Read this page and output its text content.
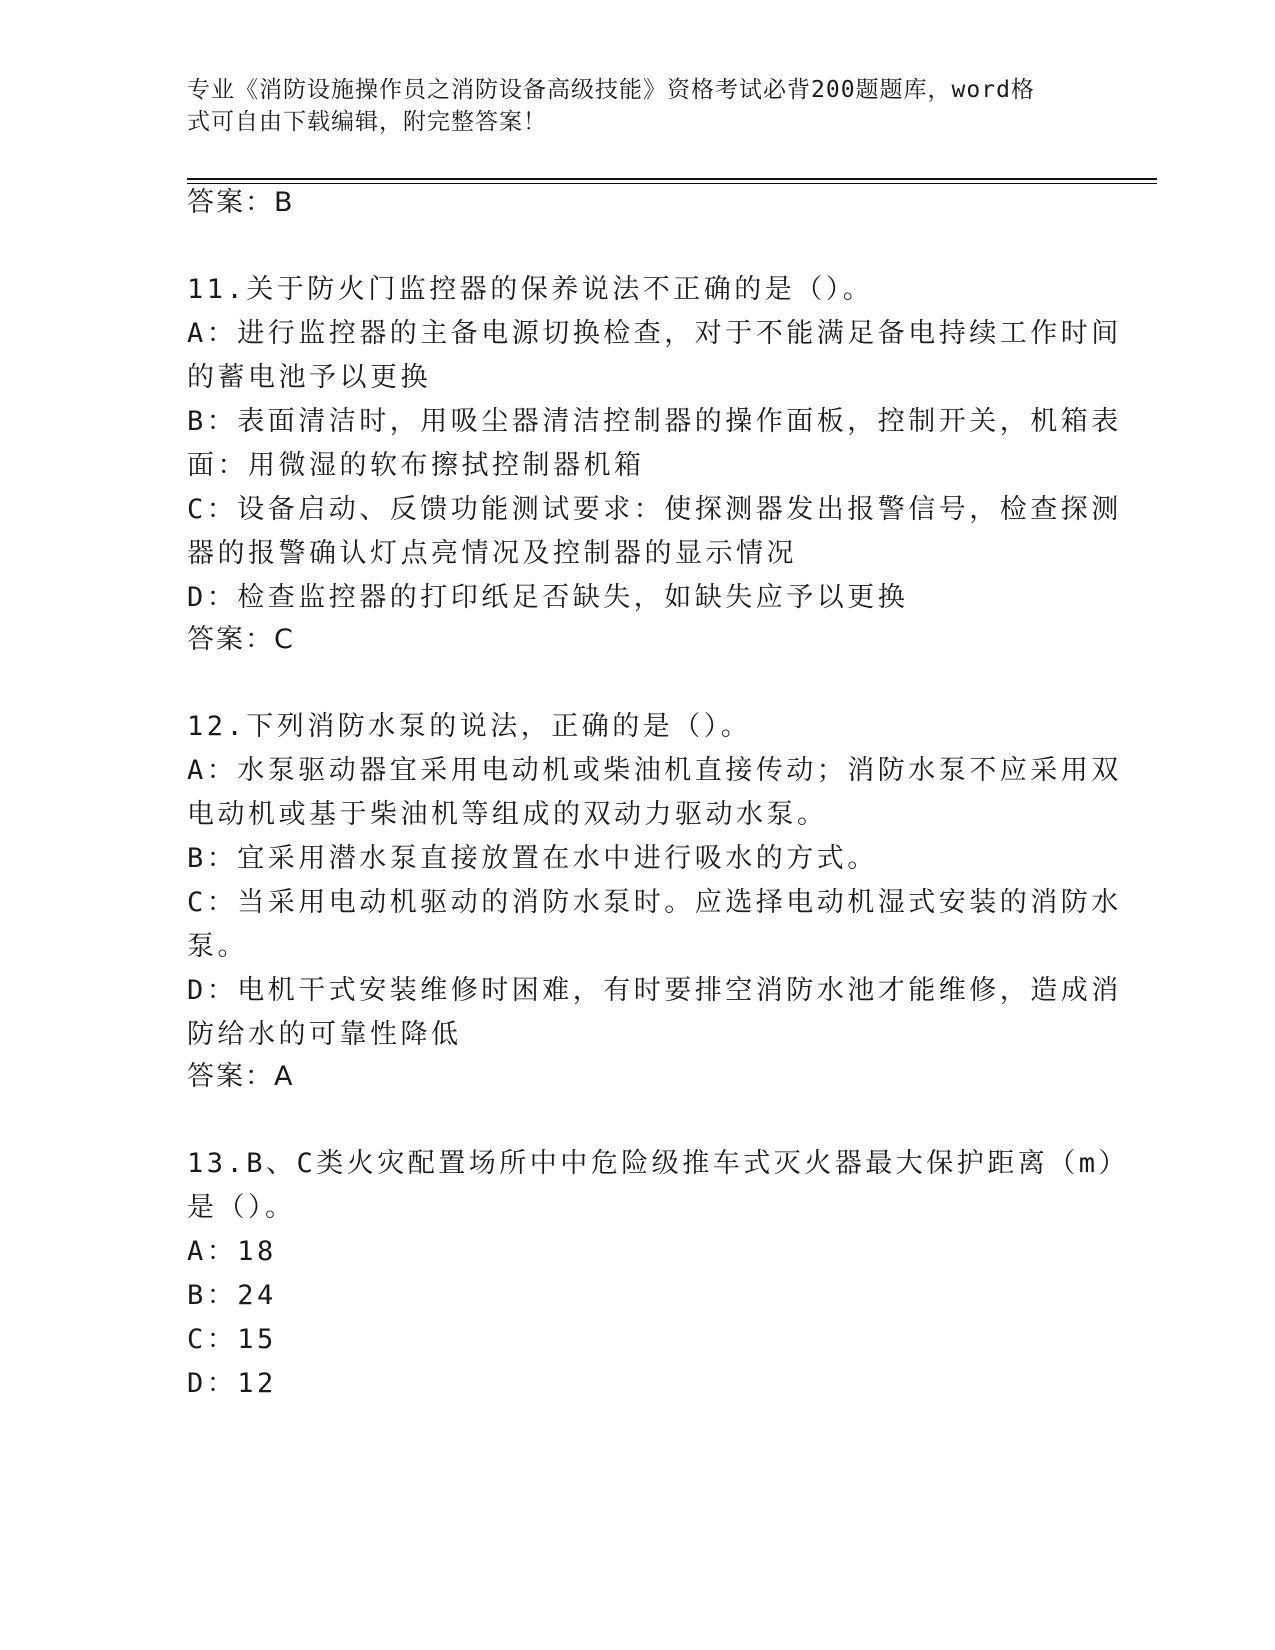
专业《消防设施操作员之消防设备高级技能》资格考试必背200题题库，word格
式可自由下载编辑，附完整答案！
答案：B
11.关于防火门监控器的保养说法不正确的是（）。
A：进行监控器的主备电源切换检查，对于不能满足备电持续工作时间
的蓄电池予以更换
B：表面清洁时，用吸尘器清洁控制器的操作面板，控制开关，机箱表
面：用微湿的软布擦拭控制器机箱
C：设备启动、反馈功能测试要求：使探测器发出报警信号，检查探测
器的报警确认灯点亮情况及控制器的显示情况
D：检查监控器的打印纸足否缺失，如缺失应予以更换
答案：C
12.下列消防水泵的说法，正确的是（）。
A：水泵驱动器宜采用电动机或柴油机直接传动；消防水泵不应采用双
电动机或基于柴油机等组成的双动力驱动水泵。
B：宜采用潜水泵直接放置在水中进行吸水的方式。
C：当采用电动机驱动的消防水泵时。应选择电动机湿式安装的消防水
泵。
D：电机干式安装维修时困难，有时要排空消防水池才能维修，造成消
防给水的可靠性降低
答案：A
13.B、C类火灾配置场所中中危险级推车式灭火器最大保护距离（m）
是（）。
A：18
B：24
C：15
D：12
